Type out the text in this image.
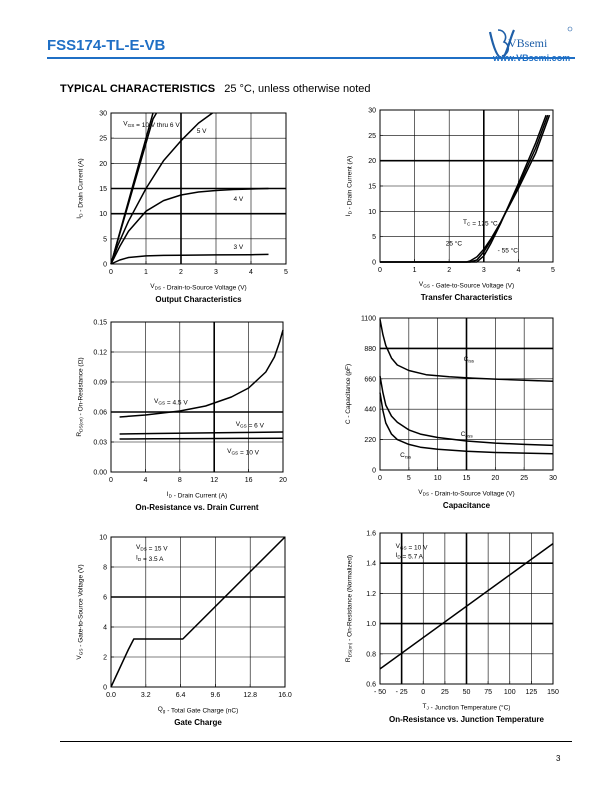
FSS174-TL-E-VB	VBsemi
www.VBsemi.com
TYPICAL CHARACTERISTICS 25 °C, unless otherwise noted
0	1	2	3	4	5
0
5
10
15
20
25
30
$V_{GS} = 10$ V thru 6 V
5 V
4 V
3 V
$V_{DS}$ - Drain-to-Source Voltage (V)
$I_D$ - Drain Current (A)
Output Characteristics
0	1	2	3	4	5
0
5
10
15
20
25
30
$T_C = 125$ °C
25 °C
- 55 °C
$V_{GS}$ - Gate-to-Source Voltage (V)
$I_D$ - Drain Current (A)
Transfer Characteristics
0	4	8	12	16	20
0.00
0.03
0.06
0.09
0.12
0.15
$V_{GS} = 4.5$ V
$V_{GS} = 6$ V
$V_{GS} = 10$ V
$I_D$ - Drain Current (A)
$R_{DS(on)}$ - On-Resistance (Ω)
On-Resistance vs. Drain Current
0	5	10	15	20	25	30
0
220
440
660
880
1100
$C_{iss}$
$C_{oss}$
$C_{rss}$
$V_{DS}$ - Drain-to-Source Voltage (V)
C - Capacitance (pF)
Capacitance
0.0	3.2	6.4	9.6	12.8	16.0
0
2
4
6
8
10
$V_{DS} = 15$ V
$I_D = 3.5$ A
$Q_g$ - Total Gate Charge (nC)
$V_{GS}$ - Gate-to-Source Voltage (V)
Gate Charge
- 50 - 25 0 25 50 75 100 125 150
0.6
0.8
1.0
1.2
1.4
1.6
$V_{GS} = 10$ V
$I_D = 5.7$ A
$T_J$ - Junction Temperature (°C)
$R_{DS(on)}$ - On-Resistance (Normalized)
On-Resistance vs. Junction Temperature
3
